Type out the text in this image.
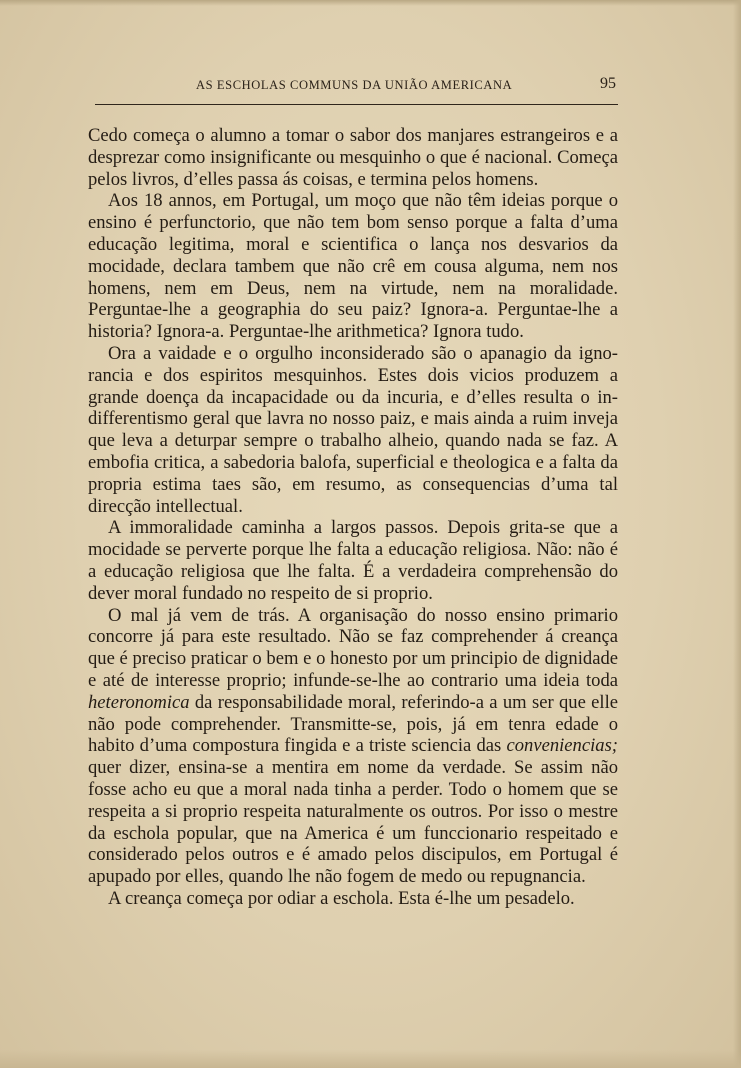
AS ESCHOLAS COMMUNS DA UNIÃO AMERICANA	95

Cedo começa o alumno a tomar o sabor dos manjares estrangeiros e a desprezar como insignificante ou mesquinho o que é nacional. Começa pelos livros, d’elles passa ás coisas, e termina pelos homens.

Aos 18 annos, em Portugal, um moço que não têm ideias porque o ensino é perfunctorio, que não tem bom senso porque a falta d’uma educação legitima, moral e scientifica o lança nos desvarios da mocidade, declara tambem que não crê em cousa alguma, nem nos homens, nem em Deus, nem na virtude, nem na moralidade. Perguntae-lhe a geographia do seu paiz? Ignora-a. Perguntae-lhe a historia? Ignora-a. Perguntae-lhe arithmetica? Ignora tudo.

Ora a vaidade e o orgulho inconsiderado são o apanagio da ignorancia e dos espiritos mesquinhos. Estes dois vicios produzem a grande doença da incapacidade ou da incuria, e d’elles resulta o indifferentismo geral que lavra no nosso paiz, e mais ainda a ruim inveja que leva a deturpar sempre o trabalho alheio, quando nada se faz. A embofia critica, a sabedoria balofa, superficial e theologica e a falta da propria estima taes são, em resumo, as consequencias d’uma tal direcção intellectual.

A immoralidade caminha a largos passos. Depois grita-se que a mocidade se perverte porque lhe falta a educação religiosa. Não: não é a educação religiosa que lhe falta. É a verdadeira comprehensão do dever moral fundado no respeito de si proprio.

O mal já vem de trás. A organisação do nosso ensino primario concorre já para este resultado. Não se faz comprehender á creança que é preciso praticar o bem e o honesto por um principio de dignidade e até de interesse proprio; infunde-se-lhe ao contrario uma ideia toda heteronomica da responsabilidade moral, referindo-a a um ser que elle não pode comprehender. Transmitte-se, pois, já em tenra edade o habito d’uma compostura fingida e a triste sciencia das conveniencias; quer dizer, ensina-se a mentira em nome da verdade. Se assim não fosse acho eu que a moral nada tinha a perder. Todo o homem que se respeita a si proprio respeita naturalmente os outros. Por isso o mestre da eschola popular, que na America é um funccionario respeitado e considerado pelos outros e é amado pelos discipulos, em Portugal é apupado por elles, quando lhe não fogem de medo ou repugnancia.

A creança começa por odiar a eschola. Esta é-lhe um pesadelo.
